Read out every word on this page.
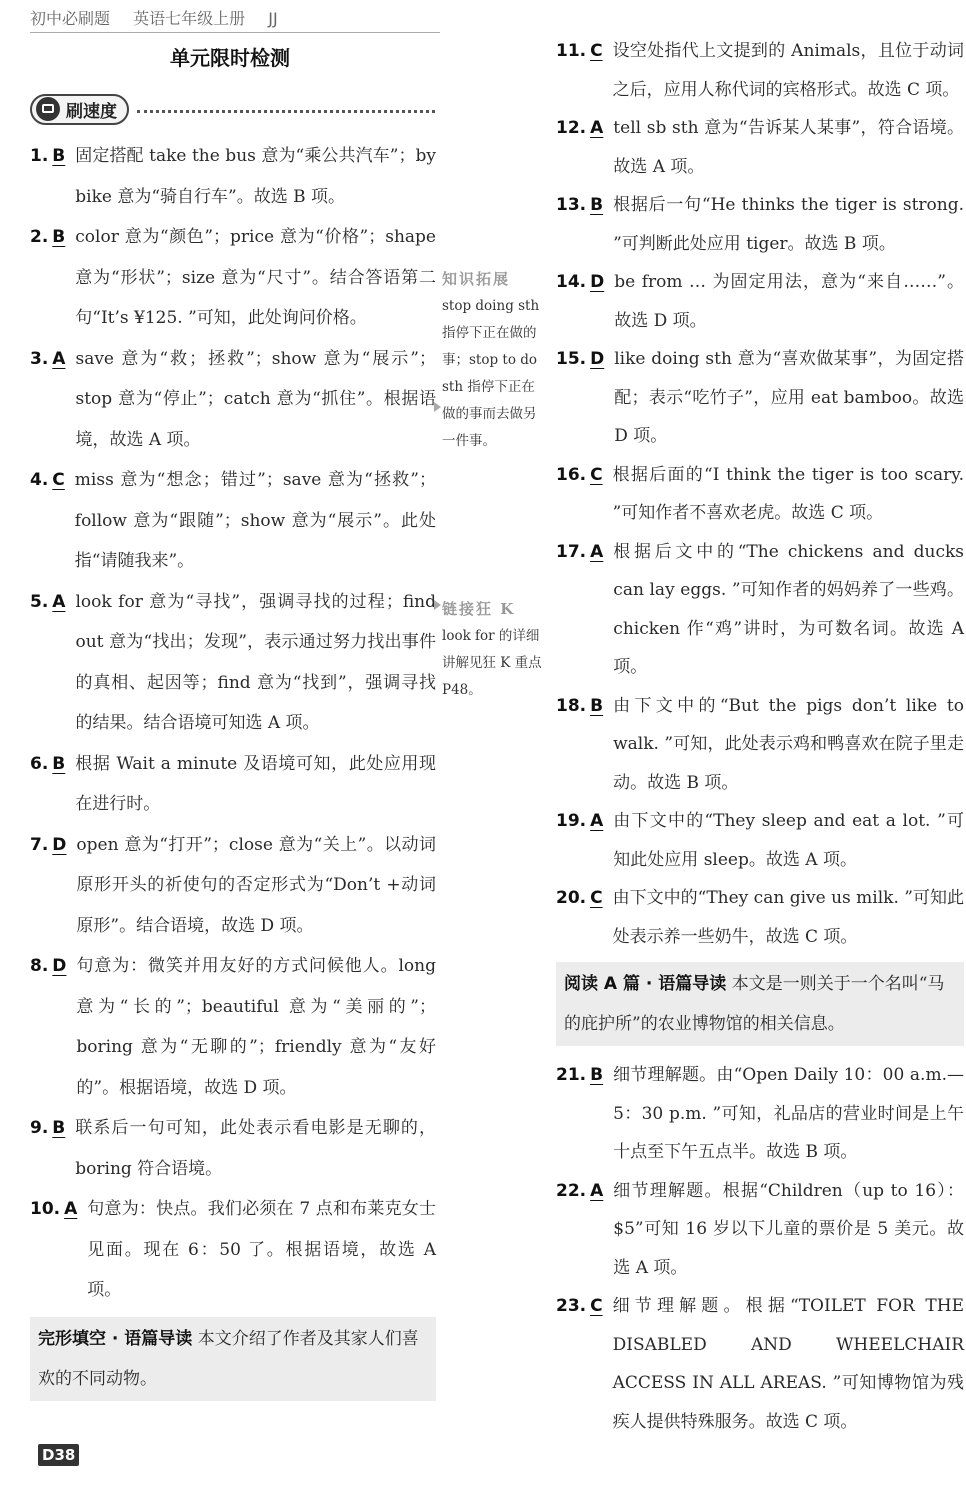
初中必刷题 英语七年级上册 JJ
单元限时检测
刷速度
1. B 固定搭配 take the bus 意为“乘公共汽车”；by bike 意为“骑自行车”。故选 B 项。
2. B color 意为“颜色”；price 意为“价格”；shape 意为“形状”；size 意为“尺寸”。结合答语第二句“It’s ¥125. ”可知，此处询问价格。
3. A save 意为“救；拯救”；show 意为“展示”；stop 意为“停止”；catch 意为“抓住”。根据语境，故选 A 项。
4. C miss 意为“想念；错过”；save 意为“拯救”；follow 意为“跟随”；show 意为“展示”。此处指“请随我来”。
5. A look for 意为“寻找”，强调寻找的过程；find out 意为“找出；发现”，表示通过努力找出事件的真相、起因等；find 意为“找到”，强调寻找的结果。结合语境可知选 A 项。
6. B 根据 Wait a minute 及语境可知，此处应用现在进行时。
7. D open 意为“打开”；close 意为“关上”。以动词原形开头的祈使句的否定形式为“Don’t +动词原形”。结合语境，故选 D 项。
8. D 句意为：微笑并用友好的方式问候他人。long 意为“长的”；beautiful 意为“美丽的”；boring 意为“无聊的”；friendly 意为“友好的”。根据语境，故选 D 项。
9. B 联系后一句可知，此处表示看电影是无聊的，boring 符合语境。
10. A 句意为：快点。我们必须在 7 点和布莱克女士见面。现在 6：50 了。根据语境，故选 A 项。
完形填空 · 语篇导读 本文介绍了作者及其家人们喜欢的不同动物。
知识拓展
stop doing sth 指停下正在做的事；stop to do sth 指停下正在做的事而去做另一件事。
链接狂 K
look for 的详细讲解见狂 K 重点 P48。
11. C 设空处指代上文提到的 Animals，且位于动词之后，应用人称代词的宾格形式。故选 C 项。
12. A tell sb sth 意为“告诉某人某事”，符合语境。故选 A 项。
13. B 根据后一句“He thinks the tiger is strong. ”可判断此处应用 tiger。故选 B 项。
14. D be from … 为固定用法，意为“来自……”。故选 D 项。
15. D like doing sth 意为“喜欢做某事”，为固定搭配；表示“吃竹子”，应用 eat bamboo。故选 D 项。
16. C 根据后面的“I think the tiger is too scary. ”可知作者不喜欢老虎。故选 C 项。
17. A 根据后文中的“The chickens and ducks can lay eggs. ”可知作者的妈妈养了一些鸡。chicken 作“鸡”讲时，为可数名词。故选 A 项。
18. B 由下文中的“But the pigs don’t like to walk. ”可知，此处表示鸡和鸭喜欢在院子里走动。故选 B 项。
19. A 由下文中的“They sleep and eat a lot. ”可知此处应用 sleep。故选 A 项。
20. C 由下文中的“They can give us milk. ”可知此处表示养一些奶牛，故选 C 项。
阅读 A 篇 · 语篇导读 本文是一则关于一个名叫“马的庇护所”的农业博物馆的相关信息。
21. B 细节理解题。由“Open Daily 10：00 a.m.—5：30 p.m. ”可知，礼品店的营业时间是上午十点至下午五点半。故选 B 项。
22. A 细节理解题。根据“Children（up to 16）：$5”可知 16 岁以下儿童的票价是 5 美元。故选 A 项。
23. C 细节理解题。根据“TOILET FOR THE DISABLED AND WHEELCHAIR ACCESS IN ALL AREAS. ”可知博物馆为残疾人提供特殊服务。故选 C 项。
D38
